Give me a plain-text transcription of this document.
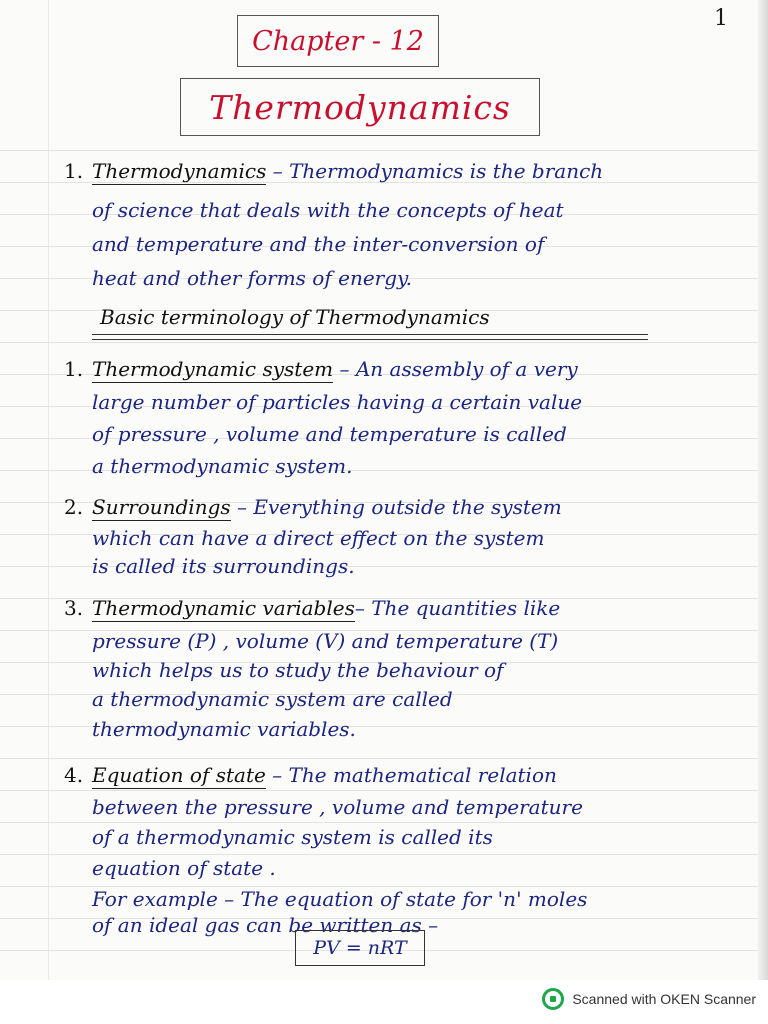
1
Chapter - 12
Thermodynamics
1. Thermodynamics – Thermodynamics is the branch
of science that deals with the concepts of heat
and temperature and the inter-conversion of
heat and other forms of energy.
Basic terminology of Thermodynamics
1. Thermodynamic system – An assembly of a very
large number of particles having a certain value
of pressure , volume and temperature is called
a thermodynamic system.
2. Surroundings – Everything outside the system
which can have a direct effect on the system
is called its surroundings.
3. Thermodynamic variables– The quantities like
pressure (P) , volume (V) and temperature (T)
which helps us to study the behaviour of
a thermodynamic system are called
thermodynamic variables.
4. Equation of state – The mathematical relation
between the pressure , volume and temperature
of a thermodynamic system is called its
equation of state .
For example – The equation of state for 'n' moles
of an ideal gas can be written as –
PV = nRT
Scanned with OKEN Scanner
